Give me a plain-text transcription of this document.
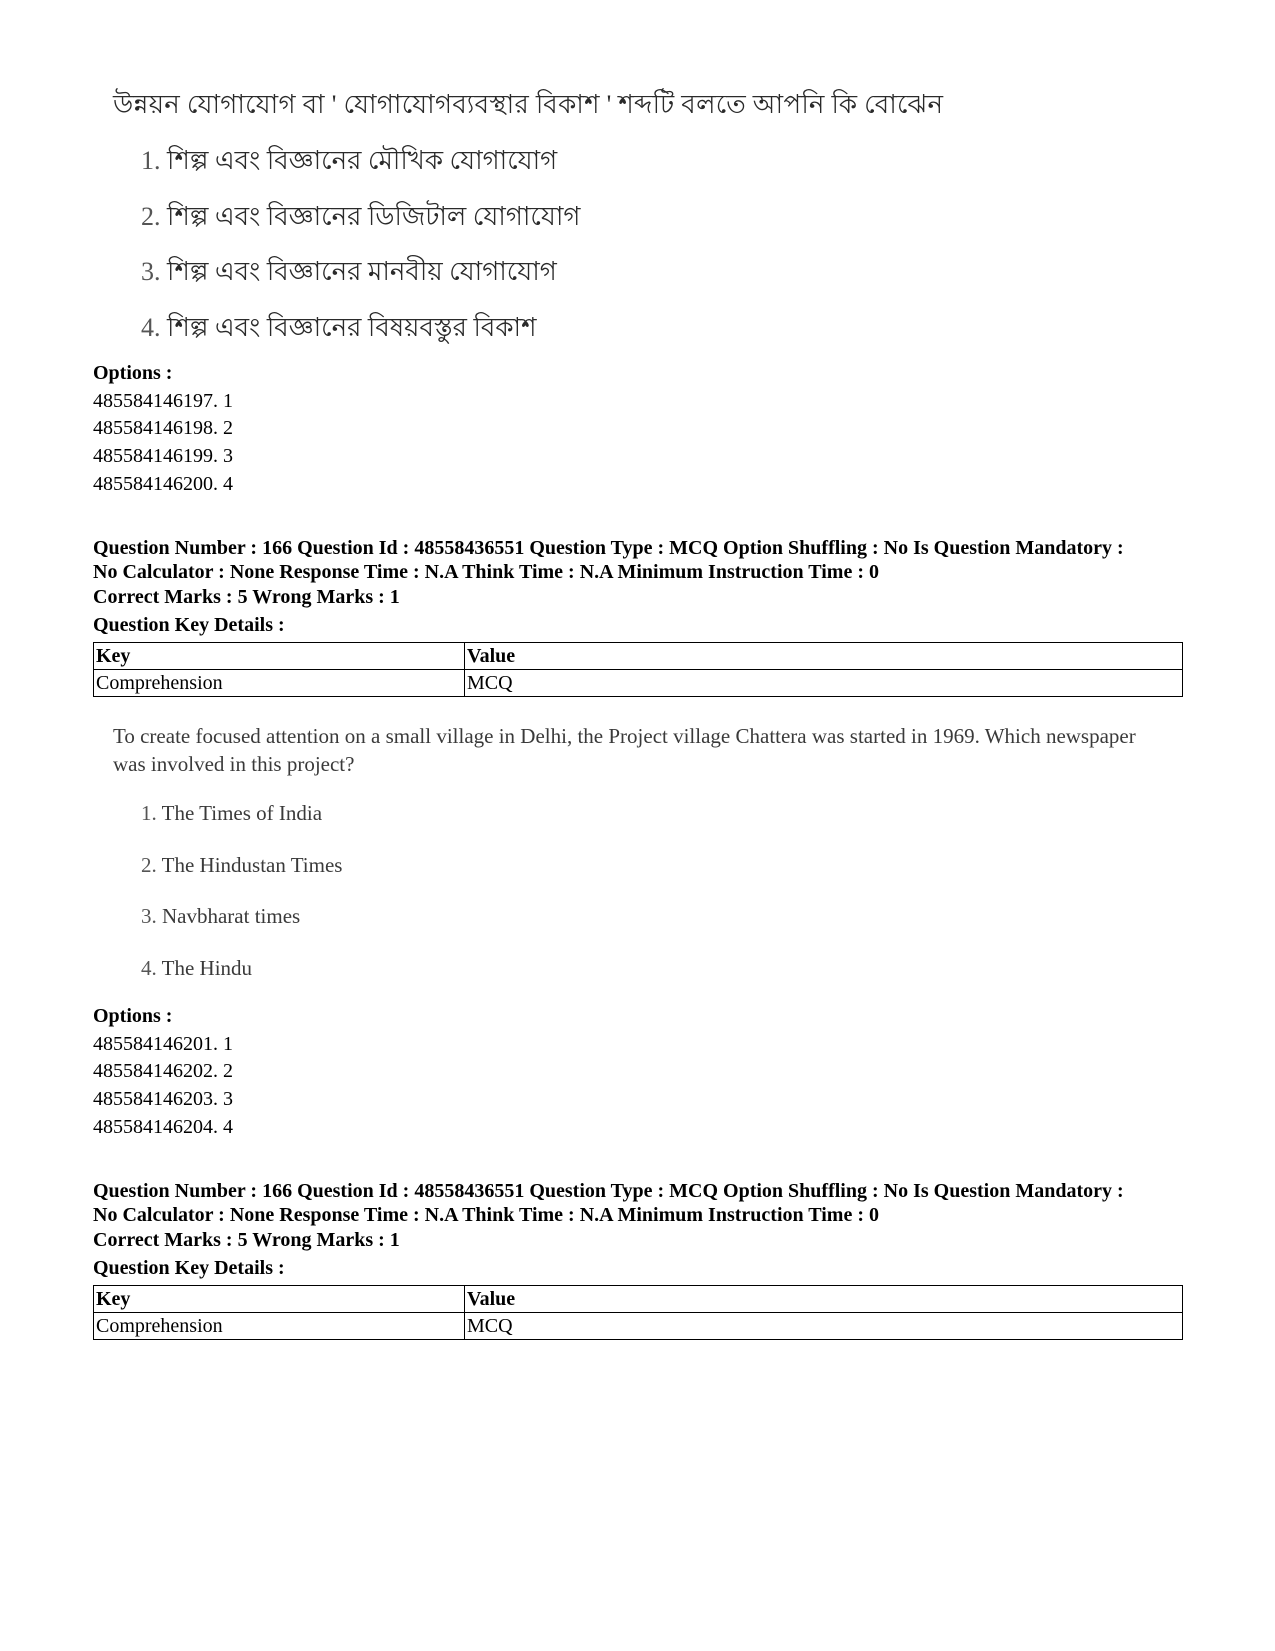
উন্নয়ন যোগাযোগ বা ' যোগাযোগব্যবস্থার বিকাশ ' শব্দটি বলতে আপনি কি বোঝেন
1. শিল্প এবং বিজ্ঞানের মৌখিক যোগাযোগ
2. শিল্প এবং বিজ্ঞানের ডিজিটাল যোগাযোগ
3. শিল্প এবং বিজ্ঞানের মানবীয় যোগাযোগ
4. শিল্প এবং বিজ্ঞানের বিষয়বস্তুর বিকাশ
Options :
485584146197. 1
485584146198. 2
485584146199. 3
485584146200. 4
Question Number : 166 Question Id : 48558436551 Question Type : MCQ Option Shuffling : No Is Question Mandatory :
No Calculator : None Response Time : N.A Think Time : N.A Minimum Instruction Time : 0
Correct Marks : 5 Wrong Marks : 1
Question Key Details :
Key	Value
Comprehension	MCQ
To create focused attention on a small village in Delhi, the Project village Chattera was started in 1969. Which newspaper was involved in this project?
1. The Times of India
2. The Hindustan Times
3. Navbharat times
4. The Hindu
Options :
485584146201. 1
485584146202. 2
485584146203. 3
485584146204. 4
Question Number : 166 Question Id : 48558436551 Question Type : MCQ Option Shuffling : No Is Question Mandatory :
No Calculator : None Response Time : N.A Think Time : N.A Minimum Instruction Time : 0
Correct Marks : 5 Wrong Marks : 1
Question Key Details :
Key	Value
Comprehension	MCQ
